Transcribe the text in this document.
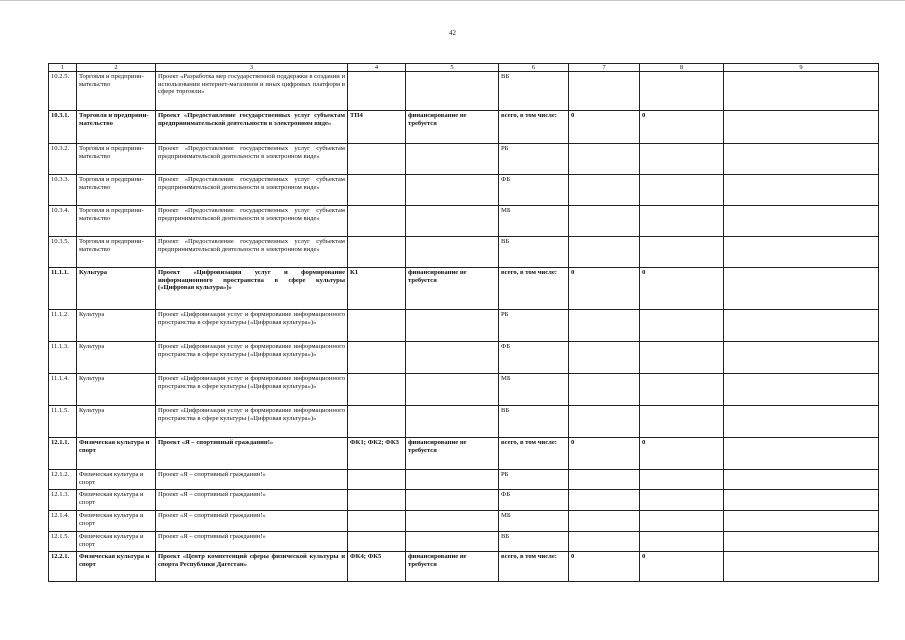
42
1	2	3	4	5	6	7	8	9
10.2.5.	Торговля и предприни-мательство	Проект «Разработка мер государственной поддержки в создании и использовании интернет-магазинов и иных цифровых платформ в сфере торговли»			ВБ			
10.3.1.	Торговля и предприни-мательство	Проект «Предоставление государственных услуг субъектам предпринимательской деятельности в электронном виде»	ТП4	финансирование не требуется	всего, в том числе:	0	0	
10.3.2.	Торговля и предприни-мательство	Проект «Предоставление государственных услуг субъектам предпринимательской деятельности в электронном виде»			РБ			
10.3.3.	Торговля и предприни-мательство	Проект «Предоставление государственных услуг субъектам предпринимательской деятельности в электронном виде»			ФБ			
10.3.4.	Торговля и предприни-мательство	Проект «Предоставление государственных услуг субъектам предпринимательской деятельности в электронном виде»			МБ			
10.3.5.	Торговля и предприни-мательство	Проект «Предоставление государственных услуг субъектам предпринимательской деятельности в электронном виде»			ВБ			
11.1.1.	Культура	Проект «Цифровизация услуг и формирование информационного пространства в сфере культуры («Цифровая культура»)»	К1	финансирование не требуется	всего, в том числе:	0	0	
11.1.2.	Культура	Проект «Цифровизация услуг и формирование информационного пространства в сфере культуры («Цифровая культура»)»			РБ			
11.1.3.	Культура	Проект «Цифровизация услуг и формирование информационного пространства в сфере культуры («Цифровая культура»)»			ФБ			
11.1.4.	Культура	Проект «Цифровизация услуг и формирование информационного пространства в сфере культуры («Цифровая культура»)»			МБ			
11.1.5.	Культура	Проект «Цифровизация услуг и формирование информационного пространства в сфере культуры («Цифровая культура»)»			ВБ			
12.1.1.	Физическая культура и спорт	Проект «Я – спортивный гражданин!»	ФК1; ФК2; ФК3	финансирование не требуется	всего, в том числе:	0	0	
12.1.2.	Физическая культура и спорт	Проект «Я – спортивный гражданин!»			РБ			
12.1.3.	Физическая культура и спорт	Проект «Я – спортивный гражданин!»			ФБ			
12.1.4.	Физическая культура и спорт	Проект «Я – спортивный гражданин!»			МБ			
12.1.5.	Физическая культура и спорт	Проект «Я – спортивный гражданин!»			ВБ			
12.2.1.	Физическая культура и спорт	Проект «Центр компетенций сферы физической культуры и спорта Республики Дагестан»	ФК4; ФК5	финансирование не требуется	всего, в том числе:	0	0	
